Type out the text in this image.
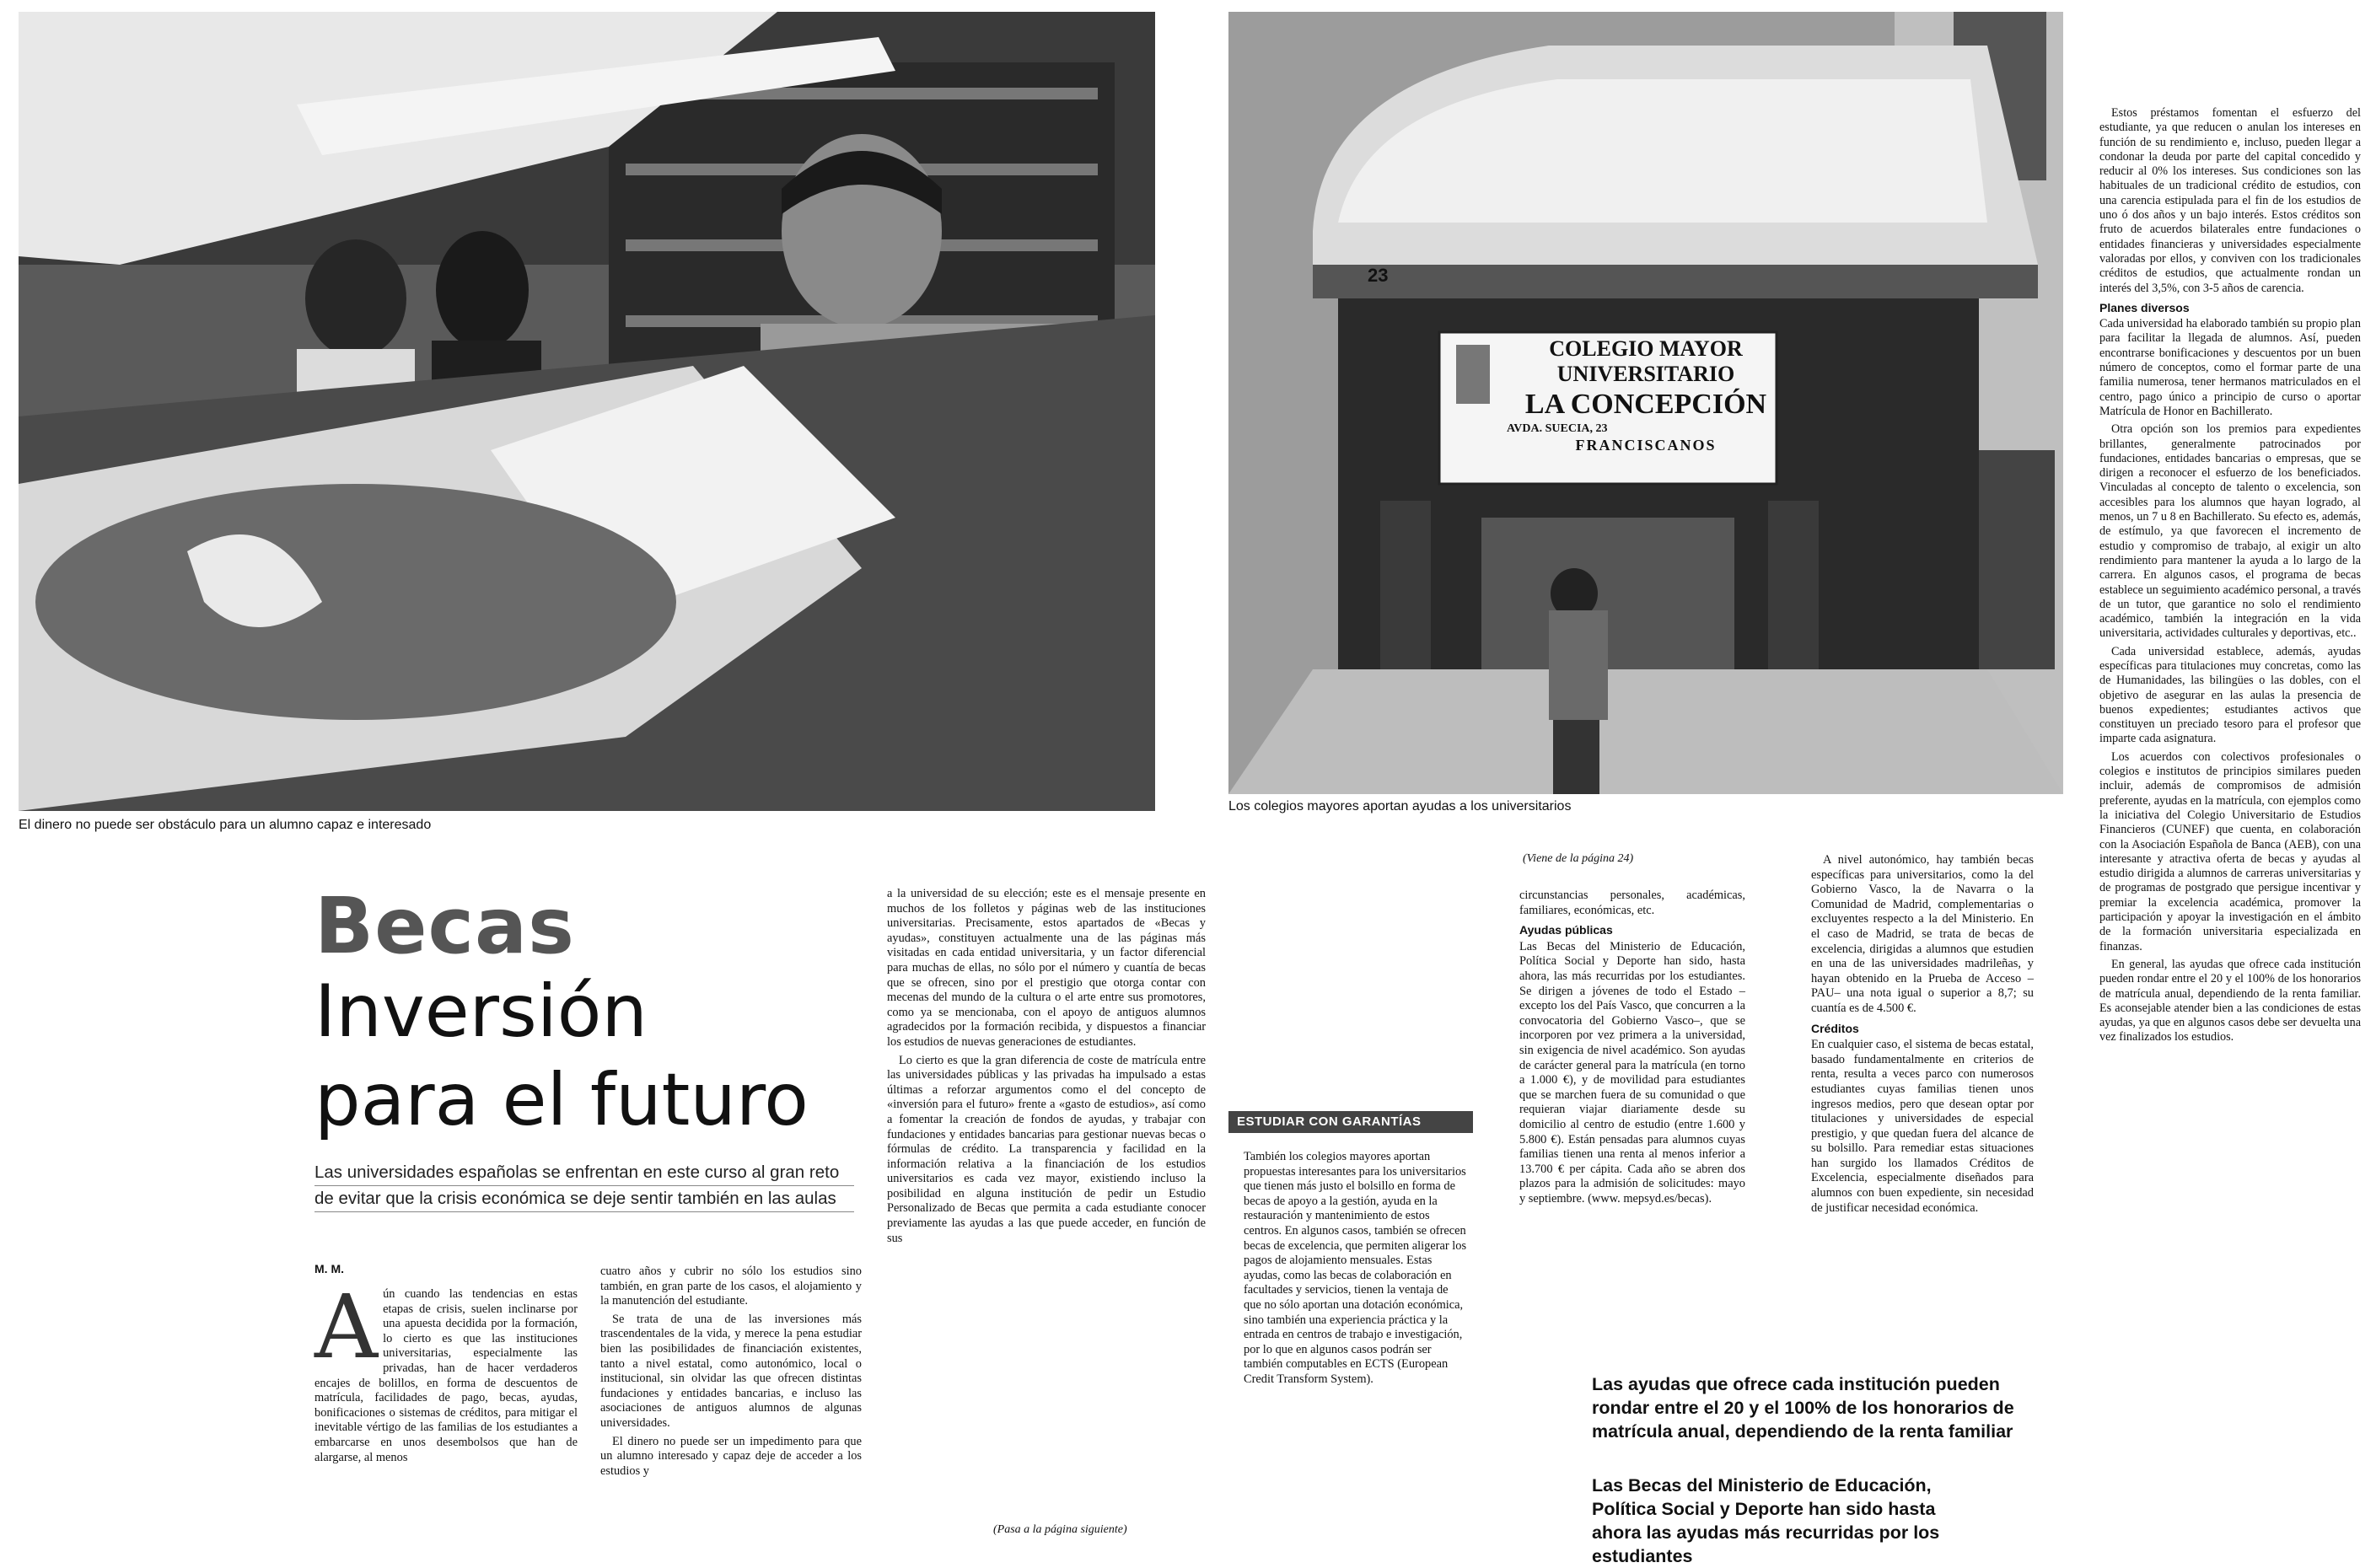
El dinero no puede ser obstáculo para un alumno capaz e interesado
23
COLEGIO MAYOR
UNIVERSITARIO
LA CONCEPCIÓN
AVDA. SUECIA, 23
FRANCISCANOS
Los colegios mayores aportan ayudas a los universitarios
Becas
Inversión
para el futuro
Las universidades españolas se enfrentan en este curso al gran reto
de evitar que la crisis económica se deje sentir también en las aulas
M. M.
A ún cuando las tendencias en estas etapas de crisis, suelen inclinarse por una apuesta decidida por la formación, lo cierto es que las instituciones universitarias, especialmente las privadas, han de hacer verdaderos encajes de bolillos, en forma de descuentos de matrícula, facilidades de pago, becas, ayudas, bonificaciones o sistemas de créditos, para mitigar el inevitable vértigo de las familias de los estudiantes a embarcarse en unos desembolsos que han de alargarse, al menos

cuatro años y cubrir no sólo los estudios sino también, en gran parte de los casos, el alojamiento y la manutención del estudiante.

Se trata de una de las inversiones más trascendentales de la vida, y merece la pena estudiar bien las posibilidades de financiación existentes, tanto a nivel estatal, como autonómico, local o institucional, sin olvidar las que ofrecen distintas fundaciones y entidades bancarias, e incluso las asociaciones de antiguos alumnos de algunas universidades.

El dinero no puede ser un impedimento para que un alumno interesado y capaz deje de acceder a los estudios y

a la universidad de su elección; este es el mensaje presente en muchos de los folletos y páginas web de las instituciones universitarias. Precisamente, estos apartados de «Becas y ayudas», constituyen actualmente una de las páginas más visitadas en cada entidad universitaria, y un factor diferencial para muchas de ellas, no sólo por el número y cuantía de becas que se ofrecen, sino por el prestigio que otorga contar con mecenas del mundo de la cultura o el arte entre sus promotores, como ya se mencionaba, con el apoyo de antiguos alumnos agradecidos por la formación recibida, y dispuestos a financiar los estudios de nuevas generaciones de estudiantes.

Lo cierto es que la gran diferencia de coste de matrícula entre las universidades públicas y las privadas ha impulsado a estas últimas a reforzar argumentos como el del concepto de «inversión para el futuro» frente a «gasto de estudios», así como a fomentar la creación de fondos de ayudas, y trabajar con fundaciones y entidades bancarias para gestionar nuevas becas o fórmulas de crédito. La transparencia y facilidad en la información relativa a la financiación de los estudios universitarios es cada vez mayor, existiendo incluso la posibilidad en alguna institución de pedir un Estudio Personalizado de Becas que permita a cada estudiante conocer previamente las ayudas a las que puede acceder, en función de sus

(Pasa a la página siguiente)
ESTUDIAR CON GARANTÍAS

También los colegios mayores aportan propuestas interesantes para los universitarios que tienen más justo el bolsillo en forma de becas de apoyo a la gestión, ayuda en la restauración y mantenimiento de estos centros. En algunos casos, también se ofrecen becas de excelencia, que permiten aligerar los pagos de alojamiento mensuales. Estas ayudas, como las becas de colaboración en facultades y servicios, tienen la ventaja de que no sólo aportan una dotación económica, sino también una experiencia práctica y la entrada en centros de trabajo e investigación, por lo que en algunos casos podrán ser también computables en ECTS (European Credit Transform System).

(Viene de la página 24)

circunstancias personales, académicas, familiares, económicas, etc.

Ayudas públicas

Las Becas del Ministerio de Educación, Política Social y Deporte han sido, hasta ahora, las más recurridas por los estudiantes. Se dirigen a jóvenes de todo el Estado –excepto los del País Vasco, que concurren a la convocatoria del Gobierno Vasco–, que se incorporen por vez primera a la universidad, sin exigencia de nivel académico. Son ayudas de carácter general para la matrícula (en torno a 1.000 €), y de movilidad para estudiantes que se marchen fuera de su comunidad o que requieran viajar diariamente desde su domicilio al centro de estudio (entre 1.600 y 5.800 €). Están pensadas para alumnos cuyas familias tienen una renta al menos inferior a 13.700 € per cápita. Cada año se abren dos plazos para la admisión de solicitudes: mayo y septiembre. (www. mepsyd.es/becas).

A nivel autonómico, hay también becas específicas para universitarios, como la del Gobierno Vasco, la de Navarra o la Comunidad de Madrid, complementarias o excluyentes respecto a la del Ministerio. En el caso de Madrid, se trata de becas de excelencia, dirigidas a alumnos que estudien en una de las universidades madrileñas, y hayan obtenido en la Prueba de Acceso –PAU– una nota igual o superior a 8,7; su cuantía es de 4.500 €.

Créditos

En cualquier caso, el sistema de becas estatal, basado fundamentalmente en criterios de renta, resulta a veces parco con numerosos estudiantes cuyas familias tienen unos ingresos medios, pero que desean optar por titulaciones y universidades de especial prestigio, y que quedan fuera del alcance de su bolsillo. Para remediar estas situaciones han surgido los llamados Créditos de Excelencia, especialmente diseñados para alumnos con buen expediente, sin necesidad de justificar necesidad económica.

Las ayudas que ofrece cada institución pueden rondar entre el 20 y el 100% de los honorarios de matrícula anual, dependiendo de la renta familiar
Las Becas del Ministerio de Educación, Política Social y Deporte han sido hasta ahora las ayudas más recurridas por los estudiantes

Estos préstamos fomentan el esfuerzo del estudiante, ya que reducen o anulan los intereses en función de su rendimiento e, incluso, pueden llegar a condonar la deuda por parte del capital concedido y reducir al 0% los intereses. Sus condiciones son las habituales de un tradicional crédito de estudios, con una carencia estipulada para el fin de los estudios de uno ó dos años y un bajo interés. Estos créditos son fruto de acuerdos bilaterales entre fundaciones o entidades financieras y universidades especialmente valoradas por ellos, y conviven con los tradicionales créditos de estudios, que actualmente rondan un interés del 3,5%, con 3-5 años de carencia.

Planes diversos

Cada universidad ha elaborado también su propio plan para facilitar la llegada de alumnos. Así, pueden encontrarse bonificaciones y descuentos por un buen número de conceptos, como el formar parte de una familia numerosa, tener hermanos matriculados en el centro, pago único a principio de curso o aportar Matrícula de Honor en Bachillerato.

Otra opción son los premios para expedientes brillantes, generalmente patrocinados por fundaciones, entidades bancarias o empresas, que se dirigen a reconocer el esfuerzo de los beneficiados. Vinculadas al concepto de talento o excelencia, son accesibles para los alumnos que hayan logrado, al menos, un 7 u 8 en Bachillerato. Su efecto es, además, de estímulo, ya que favorecen el incremento de estudio y compromiso de trabajo, al exigir un alto rendimiento para mantener la ayuda a lo largo de la carrera. En algunos casos, el programa de becas establece un seguimiento académico personal, a través de un tutor, que garantice no solo el rendimiento académico, también la integración en la vida universitaria, actividades culturales y deportivas, etc..

Cada universidad establece, además, ayudas específicas para titulaciones muy concretas, como las de Humanidades, las bilingües o las dobles, con el objetivo de asegurar en las aulas la presencia de buenos expedientes; estudiantes activos que constituyen un preciado tesoro para el profesor que imparte cada asignatura.

Los acuerdos con colectivos profesionales o colegios e institutos de principios similares pueden incluir, además de compromisos de admisión preferente, ayudas en la matrícula, con ejemplos como la iniciativa del Colegio Universitario de Estudios Financieros (CUNEF) que cuenta, en colaboración con la Asociación Española de Banca (AEB), con una interesante y atractiva oferta de becas y ayudas al estudio dirigida a alumnos de carreras universitarias y de programas de postgrado que persigue incentivar y premiar la excelencia académica, promover la participación y apoyar la investigación en el ámbito de la formación universitaria especializada en finanzas.

En general, las ayudas que ofrece cada institución pueden rondar entre el 20 y el 100% de los honorarios de matrícula anual, dependiendo de la renta familiar. Es aconsejable atender bien a las condiciones de estas ayudas, ya que en algunos casos debe ser devuelta una vez finalizados los estudios.
